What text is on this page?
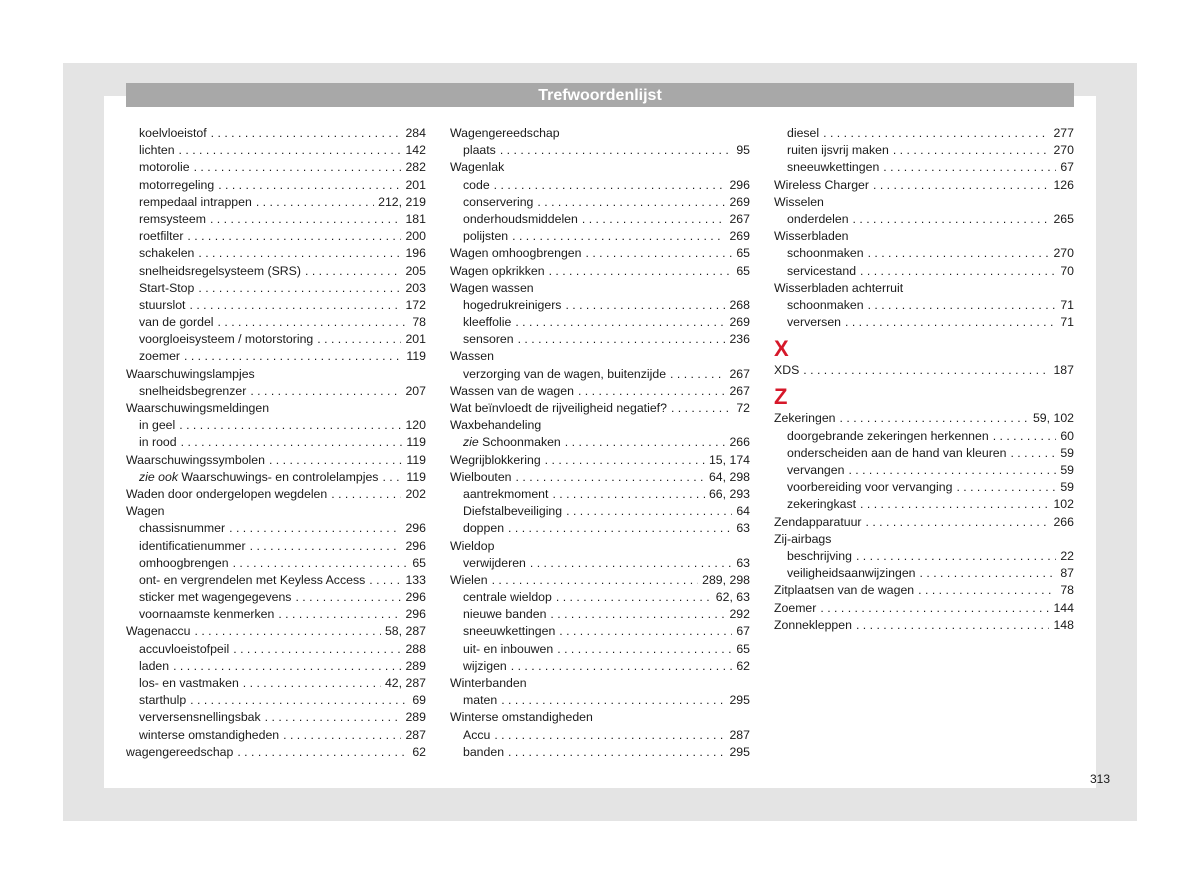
Trefwoordenlijst
koelvloeistof . . .	284
lichten . . .	142
motorolie . . .	282
motorregeling . . .	201
rempedaal intrappen . . .	212, 219
remsysteem . . .	181
roetfilter . . .	200
schakelen . . .	196
snelheidsregelsysteem (SRS) . . .	205
Start-Stop . . .	203
stuurslot . . .	172
van de gordel . . .	78
voorgloeisysteem / motorstoring . . .	201
zoemer . . .	119
Waarschuwingslampjes
snelheidsbegrenzer . . .	207
Waarschuwingsmeldingen
in geel . . .	120
in rood . . .	119
Waarschuwingssymbolen . . .	119
zie ook Waarschuwings- en controlelampjes . . . 119
Waden door ondergelopen wegdelen . . .	202
Wagen
chassisnummer . . .	296
identificatienummer . . .	296
omhoogbrengen . . .	65
ont- en vergrendelen met Keyless Access . . .	133
sticker met wagengegevens . . .	296
voornaamste kenmerken . . .	296
Wagenaccu . . .	58, 287
accuvloeistofpeil . . .	288
laden . . .	289
los- en vastmaken . . .	42, 287
starthulp . . .	69
verversensnellingsbak . . .	289
winterse omstandigheden . . .	287
wagengereedschap . . .	62
Wagengereedschap
plaats . . .	95
Wagenlak
code . . .	296
conservering . . .	269
onderhoudsmiddelen . . .	267
polijsten . . .	269
Wagen omhoogbrengen . . .	65
Wagen opkrikken . . .	65
Wagen wassen
hogedrukreinigers . . .	268
kleeffolie . . .	269
sensoren . . .	236
Wassen
verzorging van de wagen, buitenzijde . . .	267
Wassen van de wagen . . .	267
Wat beïnvloedt de rijveiligheid negatief? . . .	72
Waxbehandeling
zie Schoonmaken . . .	266
Wegrijblokkering . . .	15, 174
Wielbouten . . .	64, 298
aantrekmoment . . .	66, 293
Diefstalbeveiliging . . .	64
doppen . . .	63
Wieldop
verwijderen . . .	63
Wielen . . .	289, 298
centrale wieldop . . .	62, 63
nieuwe banden . . .	292
sneeuwkettingen . . .	67
uit- en inbouwen . . .	65
wijzigen . . .	62
Winterbanden
maten . . .	295
Winterse omstandigheden
Accu . . .	287
banden . . .	295
diesel . . .	277
ruiten ijsvrij maken . . .	270
sneeuwkettingen . . .	67
Wireless Charger . . .	126
Wisselen
onderdelen . . .	265
Wisserbladen
schoonmaken . . .	270
servicestand . . .	70
Wisserbladen achterruit
schoonmaken . . .	71
verversen . . .	71
X
XDS . . .	187
Z
Zekeringen . . .	59, 102
doorgebrande zekeringen herkennen . . .	60
onderscheiden aan de hand van kleuren . . .	59
vervangen . . .	59
voorbereiding voor vervanging . . .	59
zekeringkast . . .	102
Zendapparatuur . . .	266
Zij-airbags
beschrijving . . .	22
veiligheidsaanwijzingen . . .	87
Zitplaatsen van de wagen . . .	78
Zoemer . . .	144
Zonnekleppen . . .	148
313
